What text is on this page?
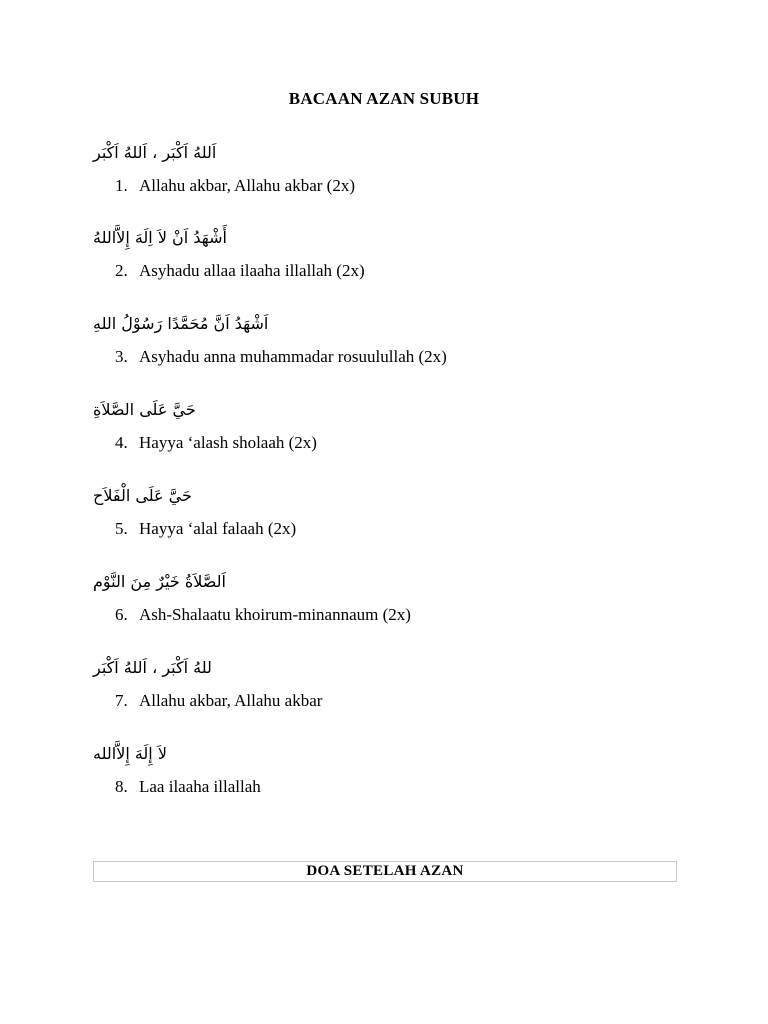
BACAAN AZAN SUBUH
اَللهُ اَكْبَر ، اَللهُ اَكْبَر
1. Allahu akbar, Allahu akbar (2x)
أَشْهَدُ اَنْ لاَ اِلَهَ إِلاَّاللهُ
2. Asyhadu allaa ilaaha illallah (2x)
اَشْهَدُ اَنَّ مُحَمَّدًا رَسُوْلُ اللهِ
3. Asyhadu anna muhammadar rosuulullah (2x)
حَيَّ عَلَى الصَّلاَةِ
4. Hayya ‘alash sholaah (2x)
حَيَّ عَلَى الْفَلاَح
5. Hayya ‘alal falaah (2x)
اَلصَّلاَةُ خَيْرٌ مِنَ النَّوْم
6. Ash-Shalaatu khoirum-minannaum (2x)
للهُ اَكْبَر ، اَللهُ اَكْبَر
7. Allahu akbar, Allahu akbar
لاَ إِلَهَ إِلاَّالله
8. Laa ilaaha illallah
DOA SETELAH AZAN
